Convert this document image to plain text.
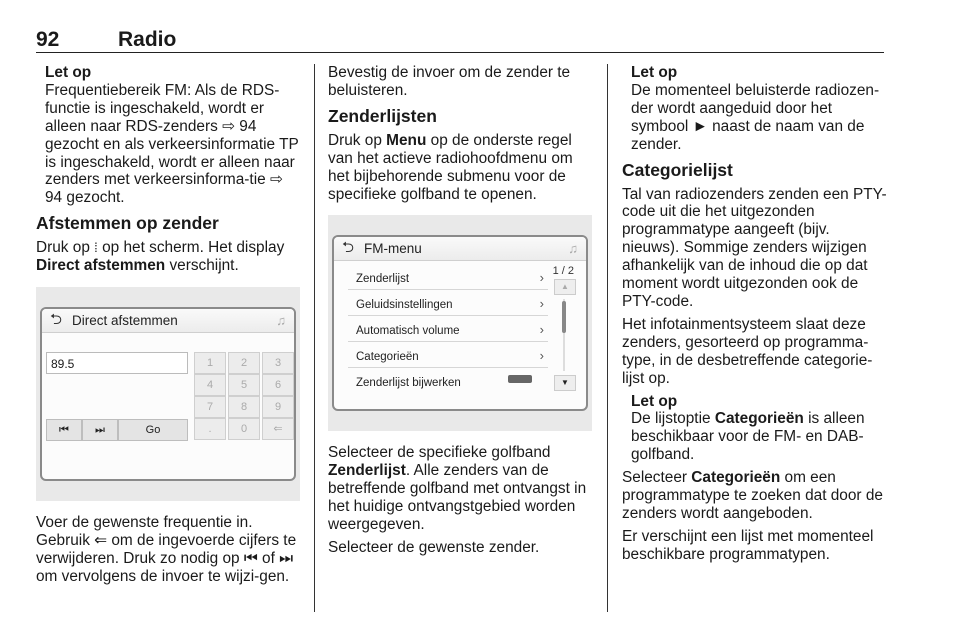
92	Radio
Let op
Frequentiebereik FM: Als de RDS-functie is ingeschakeld, wordt er alleen naar RDS-zenders ⇨ 94 gezocht en als verkeersinformatie TP is ingeschakeld, wordt er alleen naar zenders met verkeersinforma-tie ⇨ 94 gezocht.
Afstemmen op zender
Druk op ⁞ op het scherm. Het display Direct afstemmen verschijnt.
⮌ Direct afstemmen	♫
89.5	1	2	3
4	5	6
7	8	9
.	0	⇐
⏮	⏭	Go
Voer de gewenste frequentie in. Gebruik ⇐ om de ingevoerde cijfers te verwijderen. Druk zo nodig op ⏮ of ⏭ om vervolgens de invoer te wijzi-gen.
Bevestig de invoer om de zender te beluisteren.
Zenderlijsten
Druk op Menu op de onderste regel van het actieve radiohoofdmenu om het bijbehorende submenu voor de specifieke golfband te openen.
⮌ FM-menu	♫
Zenderlijst	›
Geluidsinstellingen	›
Automatisch volume	›
Categorieën	›
Zenderlijst bijwerken
1 / 2
▲
▼
Selecteer de specifieke golfband Zenderlijst. Alle zenders van de betreffende golfband met ontvangst in het huidige ontvangstgebied worden weergegeven.
Selecteer de gewenste zender.
Let op
De momenteel beluisterde radiozen-der wordt aangeduid door het symbool ► naast de naam van de zender.
Categorielijst
Tal van radiozenders zenden een PTY-code uit die het uitgezonden programmatype aangeeft (bijv. nieuws). Sommige zenders wijzigen afhankelijk van de inhoud die op dat moment wordt uitgezonden ook de PTY-code.
Het infotainmentsysteem slaat deze zenders, gesorteerd op programma-type, in de desbetreffende categorie-lijst op.
Let op
De lijstoptie Categorieën is alleen beschikbaar voor de FM- en DAB-golfband.
Selecteer Categorieën om een programmatype te zoeken dat door de zenders wordt aangeboden.
Er verschijnt een lijst met momenteel beschikbare programmatypen.
